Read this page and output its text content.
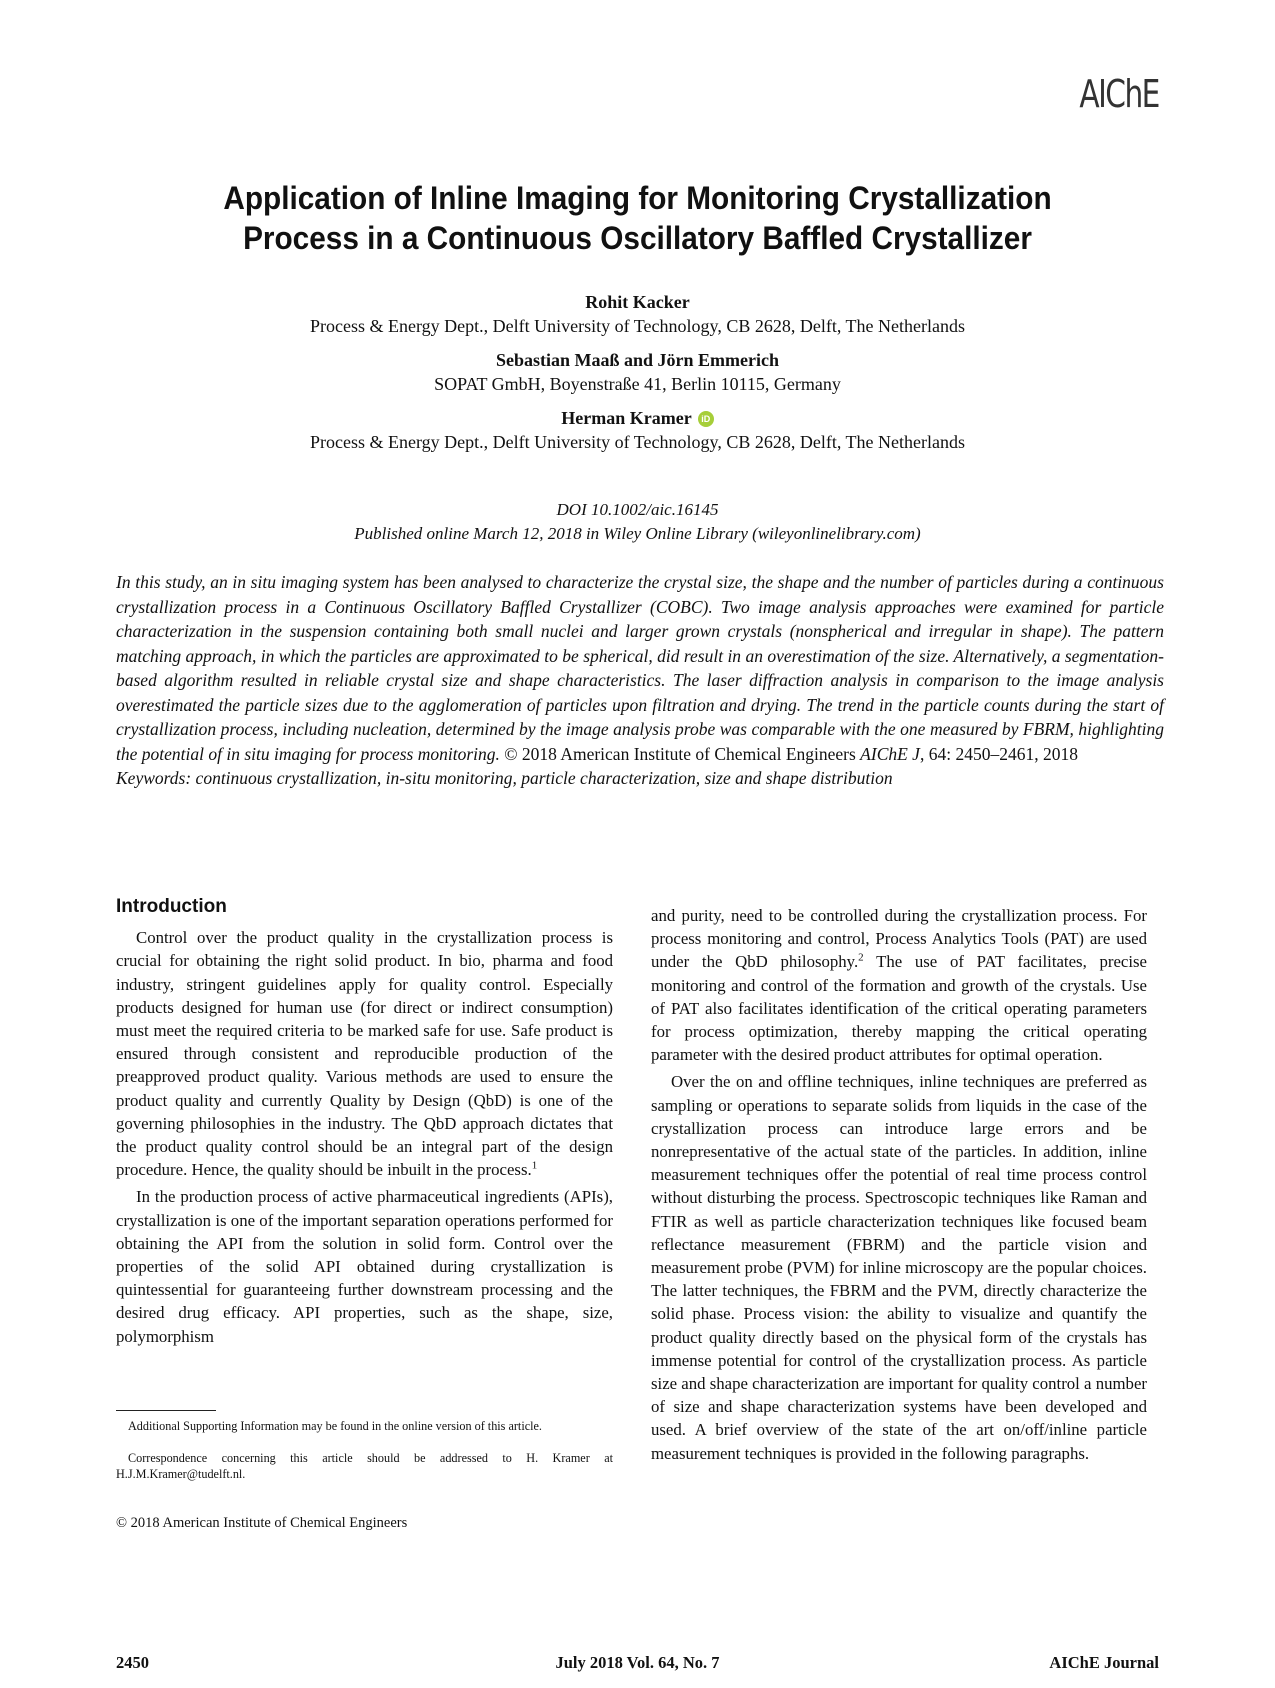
AIChE
Application of Inline Imaging for Monitoring Crystallization
Process in a Continuous Oscillatory Baffled Crystallizer
Rohit Kacker
Process & Energy Dept., Delft University of Technology, CB 2628, Delft, The Netherlands
Sebastian Maaß and Jörn Emmerich
SOPAT GmbH, Boyenstraße 41, Berlin 10115, Germany
Herman Kramer iD
Process & Energy Dept., Delft University of Technology, CB 2628, Delft, The Netherlands
DOI 10.1002/aic.16145
Published online March 12, 2018 in Wiley Online Library (wileyonlinelibrary.com)
In this study, an in situ imaging system has been analysed to characterize the crystal size, the shape and the number of particles during a continuous crystallization process in a Continuous Oscillatory Baffled Crystallizer (COBC). Two image analysis approaches were examined for particle characterization in the suspension containing both small nuclei and larger grown crystals (nonspherical and irregular in shape). The pattern matching approach, in which the particles are approximated to be spherical, did result in an overestimation of the size. Alternatively, a segmentation-based algorithm resulted in reliable crystal size and shape characteristics. The laser diffraction analysis in comparison to the image analysis overestimated the particle sizes due to the agglomeration of particles upon filtration and drying. The trend in the particle counts during the start of crystallization process, including nucleation, determined by the image analysis probe was comparable with the one measured by FBRM, highlighting the potential of in situ imaging for process monitoring. © 2018 American Institute of Chemical Engineers AIChE J, 64: 2450–2461, 2018
Keywords: continuous crystallization, in-situ monitoring, particle characterization, size and shape distribution
Introduction

Control over the product quality in the crystallization process is crucial for obtaining the right solid product. In bio, pharma and food industry, stringent guidelines apply for quality control. Especially products designed for human use (for direct or indirect consumption) must meet the required criteria to be marked safe for use. Safe product is ensured through consistent and reproducible production of the preapproved product quality. Various methods are used to ensure the product quality and currently Quality by Design (QbD) is one of the governing philosophies in the industry. The QbD approach dictates that the product quality control should be an integral part of the design procedure. Hence, the quality should be inbuilt in the process.$^1$

In the production process of active pharmaceutical ingredients (APIs), crystallization is one of the important separation operations performed for obtaining the API from the solution in solid form. Control over the properties of the solid API obtained during crystallization is quintessential for guaranteeing further downstream processing and the desired drug efficacy. API properties, such as the shape, size, polymorphism

and purity, need to be controlled during the crystallization process. For process monitoring and control, Process Analytics Tools (PAT) are used under the QbD philosophy.$^2$ The use of PAT facilitates, precise monitoring and control of the formation and growth of the crystals. Use of PAT also facilitates identification of the critical operating parameters for process optimization, thereby mapping the critical operating parameter with the desired product attributes for optimal operation.

Over the on and offline techniques, inline techniques are preferred as sampling or operations to separate solids from liquids in the case of the crystallization process can introduce large errors and be nonrepresentative of the actual state of the particles. In addition, inline measurement techniques offer the potential of real time process control without disturbing the process. Spectroscopic techniques like Raman and FTIR as well as particle characterization techniques like focused beam reflectance measurement (FBRM) and the particle vision and measurement probe (PVM) for inline microscopy are the popular choices. The latter techniques, the FBRM and the PVM, directly characterize the solid phase. Process vision: the ability to visualize and quantify the product quality directly based on the physical form of the crystals has immense potential for control of the crystallization process. As particle size and shape characterization are important for quality control a number of size and shape characterization systems have been developed and used. A brief overview of the state of the art on/off/inline particle measurement techniques is provided in the following paragraphs.

Additional Supporting Information may be found in the online version of this article.

Correspondence concerning this article should be addressed to H. Kramer at H.J.M.Kramer@tudelft.nl.

© 2018 American Institute of Chemical Engineers
2450	July 2018 Vol. 64, No. 7	AIChE Journal
